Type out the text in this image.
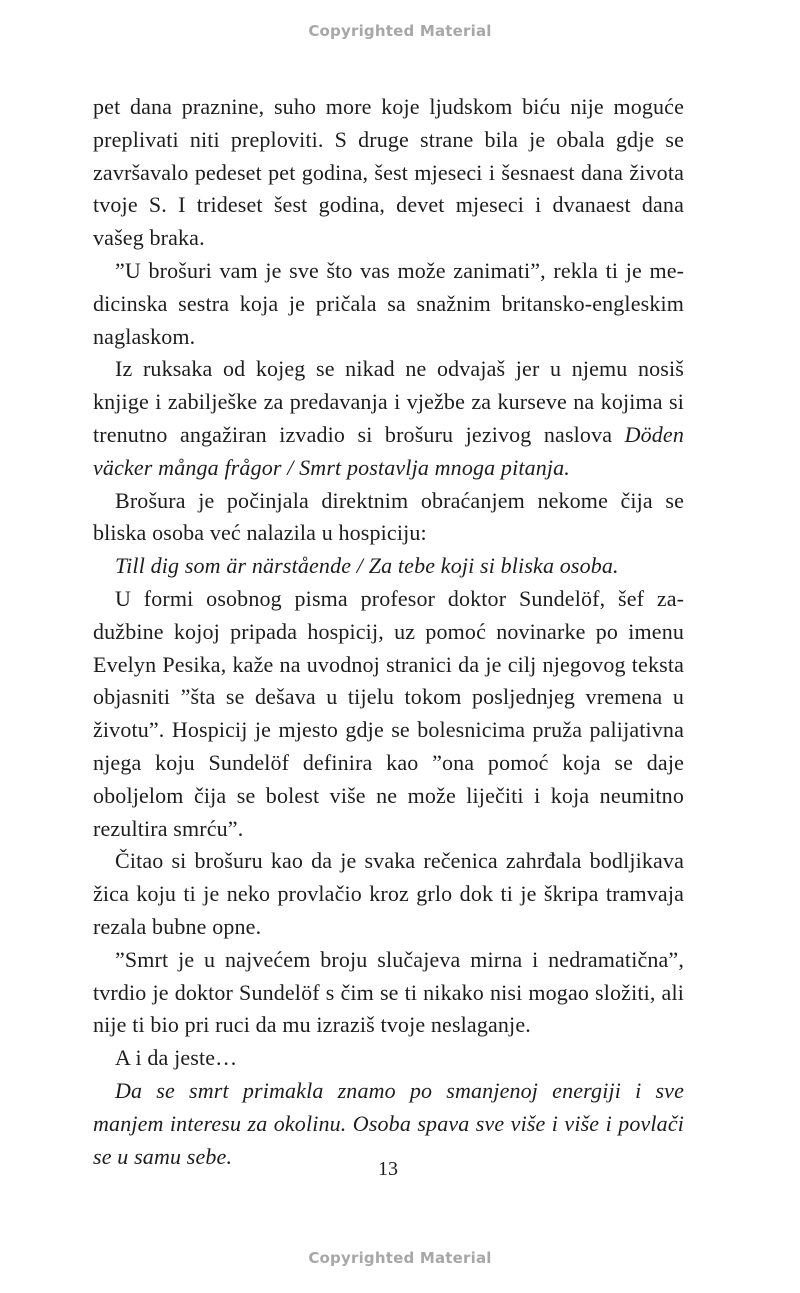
Copyrighted Material

pet dana praznine, suho more koje ljudskom biću nije moguće preplivati niti preploviti. S druge strane bila je obala gdje se završavalo pedeset pet godina, šest mjeseci i šesnaest dana života tvoje S. I trideset šest godina, devet mjeseci i dvanaest dana vašeg braka.

”U brošuri vam je sve što vas može zanimati”, rekla ti je medicinska sestra koja je pričala sa snažnim britansko-engleskim naglaskom.

Iz ruksaka od kojeg se nikad ne odvajaš jer u njemu nosiš knjige i zabilješke za predavanja i vježbe za kurseve na kojima si trenutno angažiran izvadio si brošuru jezivog naslova Döden väcker många frågor / Smrt postavlja mnoga pitanja.

Brošura je počinjala direktnim obraćanjem nekome čija se bliska osoba već nalazila u hospiciju:

Till dig som är närstående / Za tebe koji si bliska osoba.

U formi osobnog pisma profesor doktor Sundelöf, šef zadužbine kojoj pripada hospicij, uz pomoć novinarke po imenu Evelyn Pesika, kaže na uvodnoj stranici da je cilj njegovog teksta objasniti ”šta se dešava u tijelu tokom posljednjeg vremena u životu”. Hospicij je mjesto gdje se bolesnicima pruža palijativna njega koju Sundelöf definira kao ”ona pomoć koja se daje oboljelom čija se bolest više ne može liječiti i koja neumitno rezultira smrću”.

Čitao si brošuru kao da je svaka rečenica zahrđala bodljikava žica koju ti je neko provlačio kroz grlo dok ti je škripa tramvaja rezala bubne opne.

”Smrt je u najvećem broju slučajeva mirna i nedramatična”, tvrdio je doktor Sundelöf s čim se ti nikako nisi mogao složiti, ali nije ti bio pri ruci da mu izraziš tvoje neslaganje.

A i da jeste…

Da se smrt primakla znamo po smanjenoj energiji i sve manjem interesu za okolinu. Osoba spava sve više i više i povlači se u samu sebe.

13
Copyrighted Material
